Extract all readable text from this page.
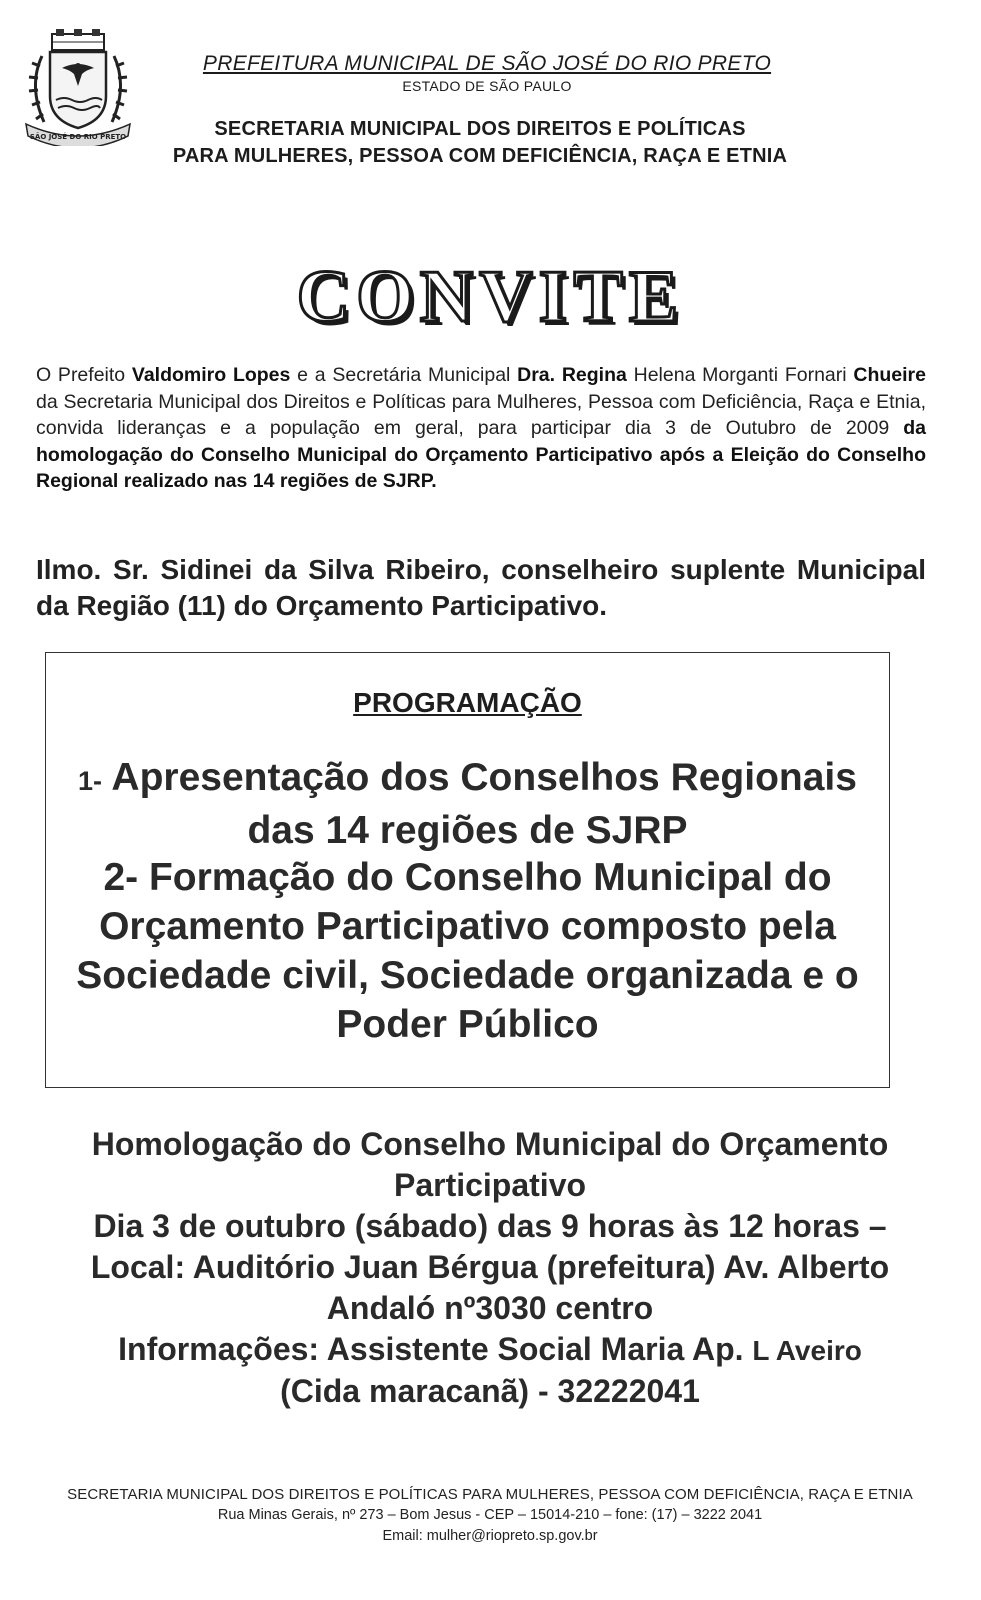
SÃO JOSÉ DO RIO PRETO
PREFEITURA MUNICIPAL DE SÃO JOSÉ DO RIO PRETO
ESTADO DE SÃO PAULO
SECRETARIA MUNICIPAL DOS DIREITOS E POLÍTICAS
PARA MULHERES, PESSOA COM DEFICIÊNCIA, RAÇA E ETNIA
CONVITE

O Prefeito Valdomiro Lopes e a Secretária Municipal Dra. Regina Helena Morganti Fornari Chueire da Secretaria Municipal dos Direitos e Políticas para Mulheres, Pessoa com Deficiência, Raça e Etnia, convida lideranças e a população em geral, para participar dia 3 de Outubro de 2009 da homologação do Conselho Municipal do Orçamento Participativo após a Eleição do Conselho Regional realizado nas 14 regiões de SJRP.

Ilmo. Sr. Sidinei da Silva Ribeiro, conselheiro suplente Municipal da Região (11) do Orçamento Participativo.

PROGRAMAÇÃO
1- Apresentação dos Conselhos Regionais das 14 regiões de SJRP
2- Formação do Conselho Municipal do Orçamento Participativo composto pela Sociedade civil, Sociedade organizada e o Poder Público
Homologação do Conselho Municipal do Orçamento
Participativo
Dia 3 de outubro (sábado) das 9 horas às 12 horas –
Local: Auditório Juan Bérgua (prefeitura) Av. Alberto
Andaló nº3030 centro
Informações: Assistente Social Maria Ap. L Aveiro
(Cida maracanã) - 32222041
SECRETARIA MUNICIPAL DOS DIREITOS E POLÍTICAS PARA MULHERES, PESSOA COM DEFICIÊNCIA, RAÇA E ETNIA
Rua Minas Gerais, nº 273 – Bom Jesus - CEP – 15014-210 – fone: (17) – 3222 2041
Email: mulher@riopreto.sp.gov.br
